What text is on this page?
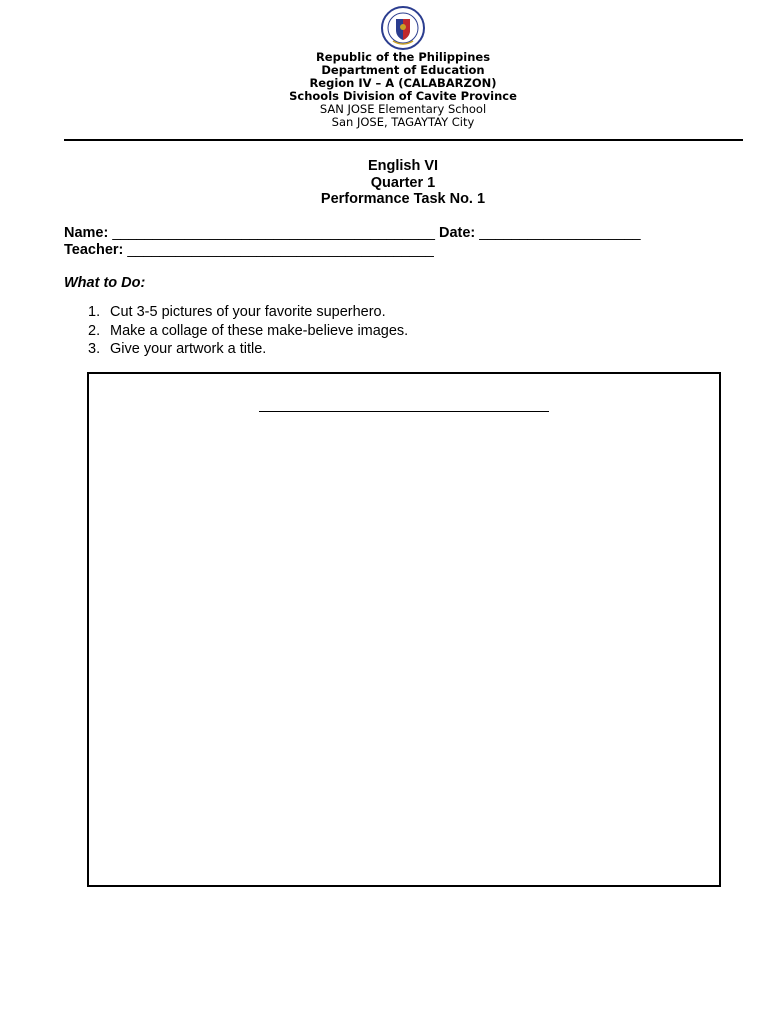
Republic of the Philippines
Department of Education
Region IV – A (CALABARZON)
Schools Division of Cavite Province
SAN JOSE Elementary School
San JOSE, TAGAYTAY City
English VI
Quarter 1
Performance Task No. 1
Name: ________________________________________ Date: ____________________
Teacher: ______________________________________
What to Do:
1. Cut 3-5 pictures of your favorite superhero.
2. Make a collage of these make-believe images.
3. Give your artwork a title.
